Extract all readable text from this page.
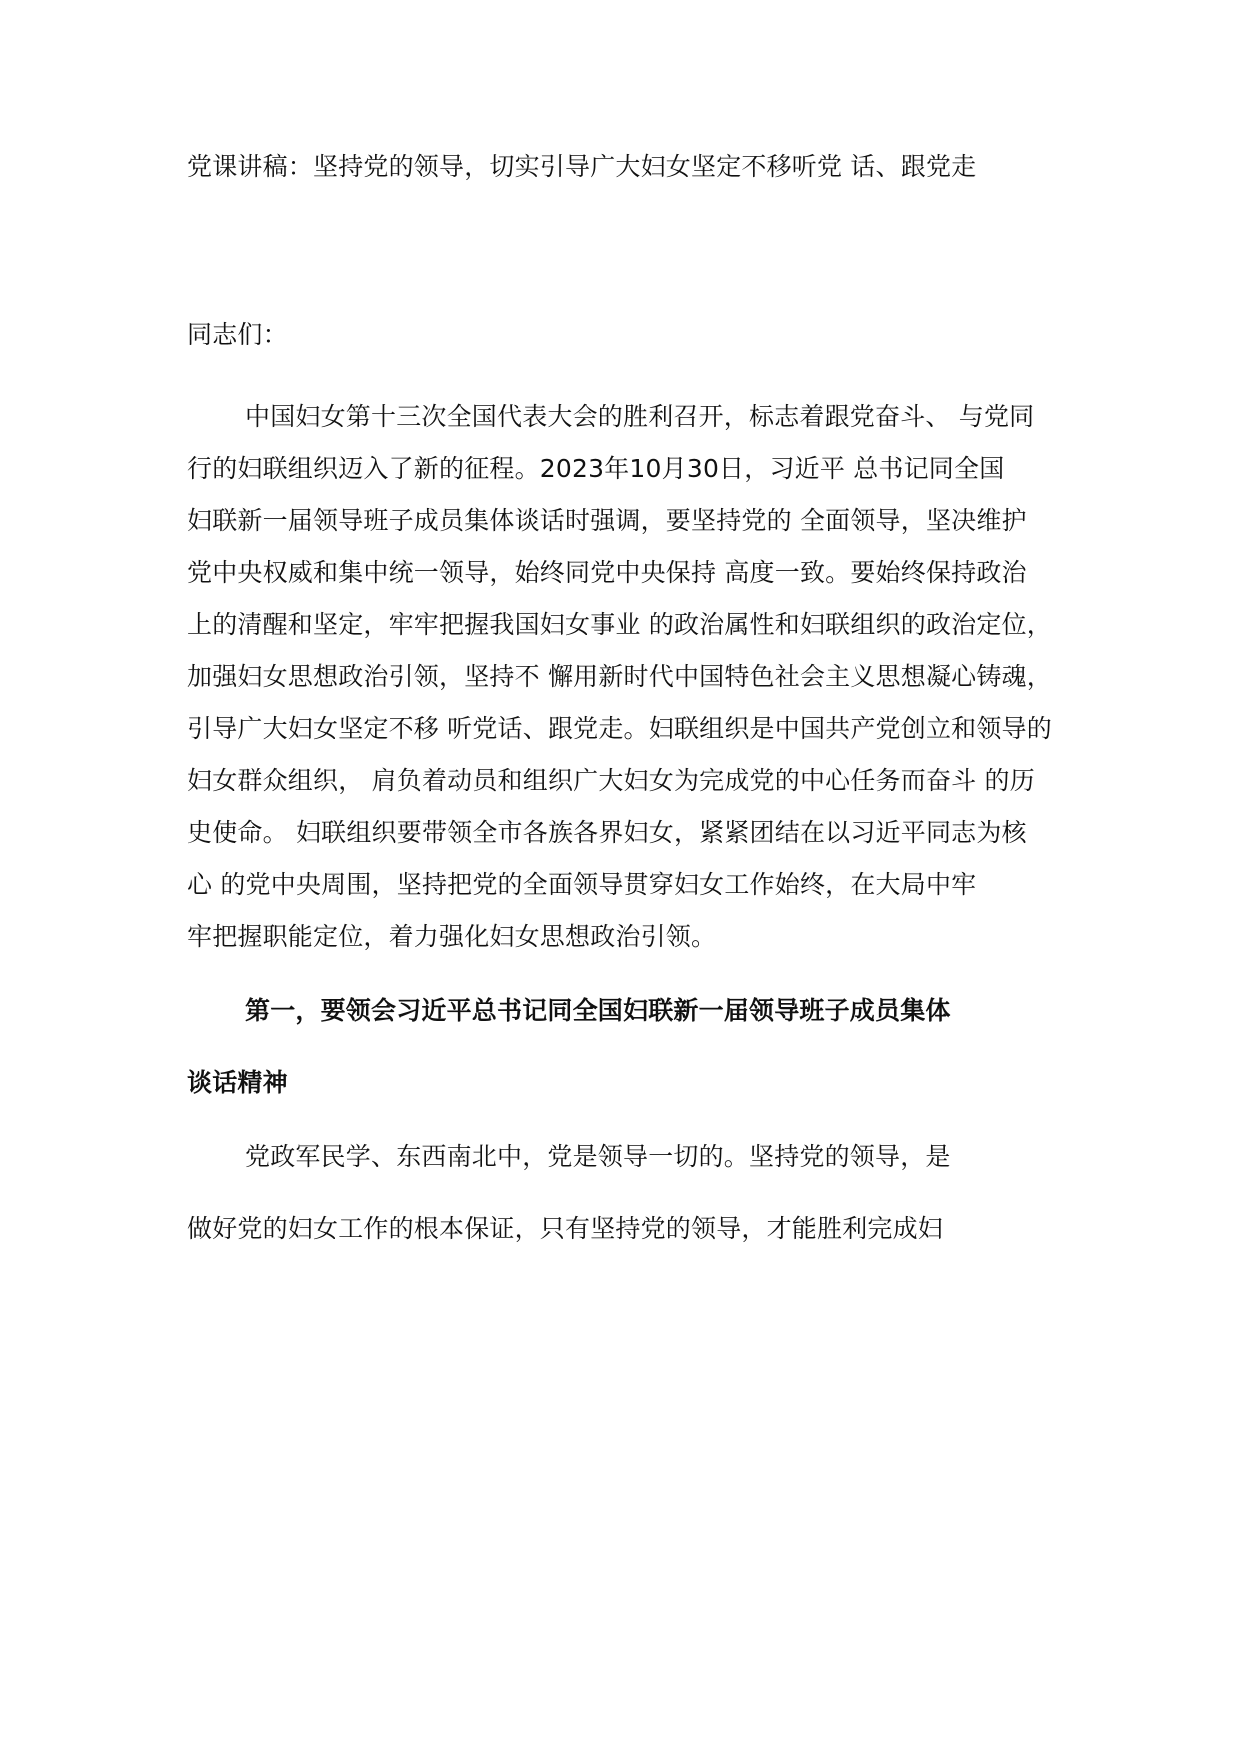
党课讲稿：坚持党的领导，切实引导广大妇女坚定不移听党 话、跟党走
同志们：
中国妇女第十三次全国代表大会的胜利召开，标志着跟党奋斗、 与党同
行的妇联组织迈入了新的征程。2023年10月30日，习近平 总书记同全国
妇联新一届领导班子成员集体谈话时强调，要坚持党的 全面领导，坚决维护
党中央权威和集中统一领导，始终同党中央保持 高度一致。要始终保持政治
上的清醒和坚定，牢牢把握我国妇女事业 的政治属性和妇联组织的政治定位，
加强妇女思想政治引领，坚持不 懈用新时代中国特色社会主义思想凝心铸魂，
引导广大妇女坚定不移 听党话、跟党走。妇联组织是中国共产党创立和领导的
妇女群众组织， 肩负着动员和组织广大妇女为完成党的中心任务而奋斗 的历
史使命。 妇联组织要带领全市各族各界妇女，紧紧团结在以习近平同志为核
心 的党中央周围，坚持把党的全面领导贯穿妇女工作始终，在大局中牢
牢把握职能定位，着力强化妇女思想政治引领。
第一，要领会习近平总书记同全国妇联新一届领导班子成员集体
谈话精神
党政军民学、东西南北中，党是领导一切的。坚持党的领导，是
做好党的妇女工作的根本保证，只有坚持党的领导，才能胜利完成妇
